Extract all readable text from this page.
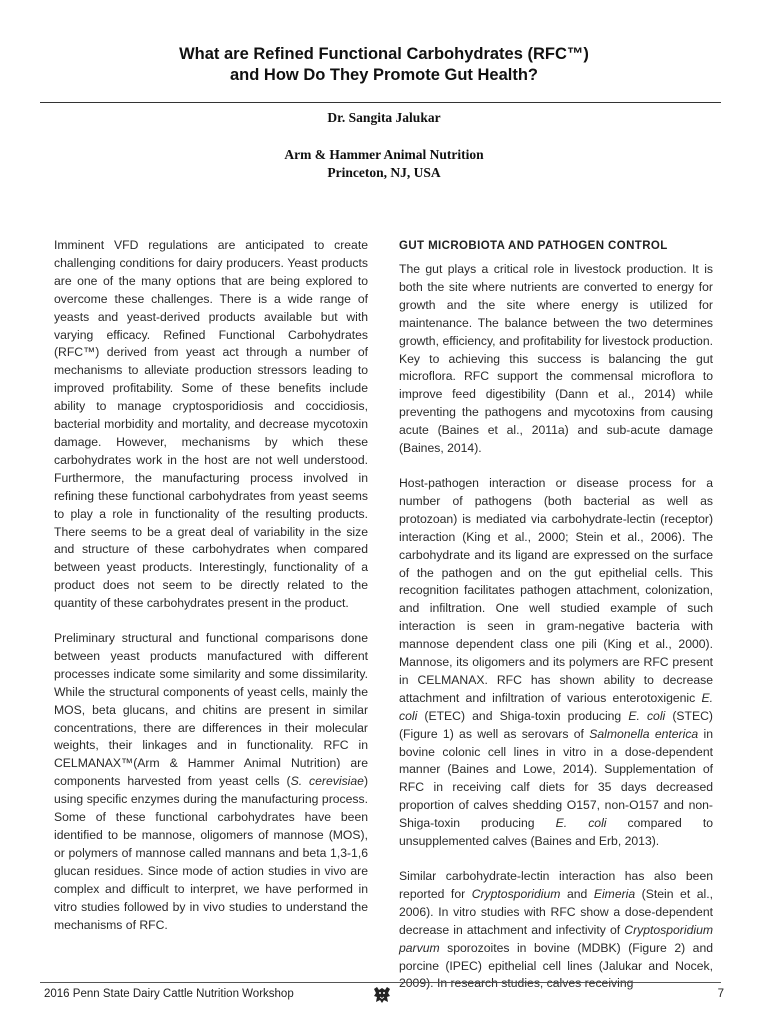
What are Refined Functional Carbohydrates (RFC™)
and How Do They Promote Gut Health?
Dr. Sangita Jalukar
Arm & Hammer Animal Nutrition
Princeton, NJ, USA

Imminent VFD regulations are anticipated to create challenging conditions for dairy producers. Yeast products are one of the many options that are being explored to overcome these challenges. There is a wide range of yeasts and yeast-derived products available but with varying efficacy. Refined Functional Carbohydrates (RFC™) derived from yeast act through a number of mechanisms to alleviate production stressors leading to improved profitability. Some of these benefits include ability to manage cryptosporidiosis and coccidiosis, bacterial morbidity and mortality, and decrease mycotoxin damage. However, mechanisms by which these carbohydrates work in the host are not well understood. Furthermore, the manufacturing process involved in refining these functional carbohydrates from yeast seems to play a role in functionality of the resulting products. There seems to be a great deal of variability in the size and structure of these carbohydrates when compared between yeast products. Interestingly, functionality of a product does not seem to be directly related to the quantity of these carbohydrates present in the product.

Preliminary structural and functional comparisons done between yeast products manufactured with different processes indicate some similarity and some dissimilarity. While the structural components of yeast cells, mainly the MOS, beta glucans, and chitins are present in similar concentrations, there are differences in their molecular weights, their linkages and in functionality. RFC in CELMANAX™(Arm & Hammer Animal Nutrition) are components harvested from yeast cells (S. cerevisiae) using specific enzymes during the manufacturing process. Some of these functional carbohydrates have been identified to be mannose, oligomers of mannose (MOS), or polymers of mannose called mannans and beta 1,3-1,6 glucan residues. Since mode of action studies in vivo are complex and difficult to interpret, we have performed in vitro studies followed by in vivo studies to understand the mechanisms of RFC.

GUT MICROBIOTA AND PATHOGEN CONTROL

The gut plays a critical role in livestock production. It is both the site where nutrients are converted to energy for growth and the site where energy is utilized for maintenance. The balance between the two determines growth, efficiency, and profitability for livestock production. Key to achieving this success is balancing the gut microflora. RFC support the commensal microflora to improve feed digestibility (Dann et al., 2014) while preventing the pathogens and mycotoxins from causing acute (Baines et al., 2011a) and sub-acute damage (Baines, 2014).

Host-pathogen interaction or disease process for a number of pathogens (both bacterial as well as protozoan) is mediated via carbohydrate-lectin (receptor) interaction (King et al., 2000; Stein et al., 2006). The carbohydrate and its ligand are expressed on the surface of the pathogen and on the gut epithelial cells. This recognition facilitates pathogen attachment, colonization, and infiltration. One well studied example of such interaction is seen in gram-negative bacteria with mannose dependent class one pili (King et al., 2000). Mannose, its oligomers and its polymers are RFC present in CELMANAX. RFC has shown ability to decrease attachment and infiltration of various enterotoxigenic E. coli (ETEC) and Shiga-toxin producing E. coli (STEC) (Figure 1) as well as serovars of Salmonella enterica in bovine colonic cell lines in vitro in a dose-dependent manner (Baines and Lowe, 2014). Supplementation of RFC in receiving calf diets for 35 days decreased proportion of calves shedding O157, non-O157 and non-Shiga-toxin producing E. coli compared to unsupplemented calves (Baines and Erb, 2013).

Similar carbohydrate-lectin interaction has also been reported for Cryptosporidium and Eimeria (Stein et al., 2006). In vitro studies with RFC show a dose-dependent decrease in attachment and infectivity of Cryptosporidium parvum sporozoites in bovine (MDBK) (Figure 2) and porcine (IPEC) epithelial cell lines (Jalukar and Nocek, 2009). In research studies, calves receiving

2016 Penn State Dairy Cattle Nutrition Workshop	7
